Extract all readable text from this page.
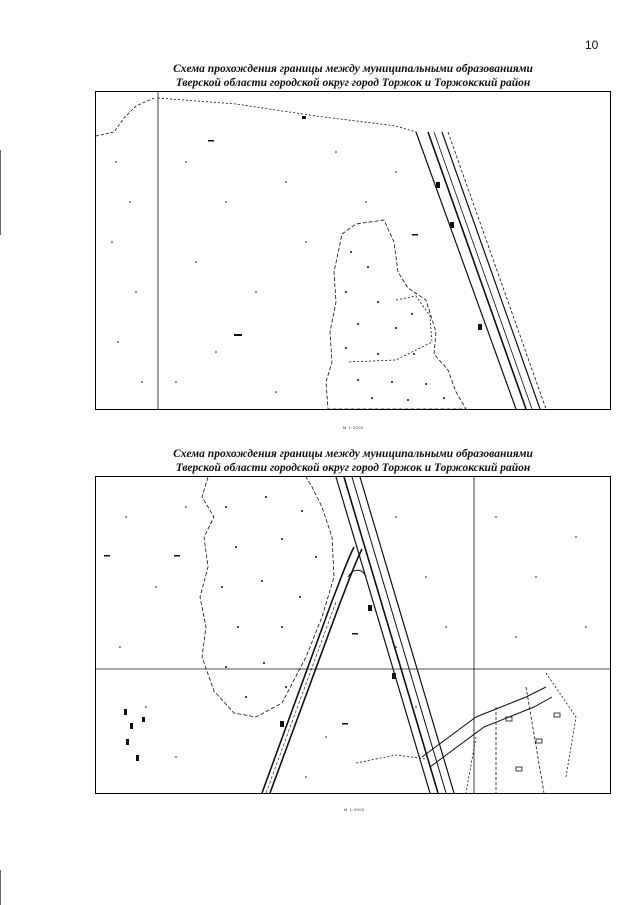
10
Схема прохождения границы между муниципальными образованиями
Тверской области городской округ город Торжок и Торжокский район
М 1:2000
Схема прохождения границы между муниципальными образованиями
Тверской области городской округ город Торжок и Торжокский район
М 1:2000
